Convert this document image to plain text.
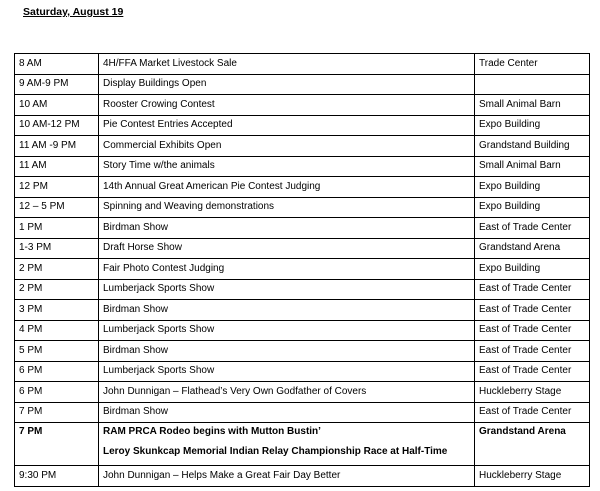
Saturday, August 19
8 AM	4H/FFA Market Livestock Sale	Trade Center
9 AM-9 PM	Display Buildings Open	
10 AM	Rooster Crowing Contest	Small Animal Barn
10 AM-12 PM	Pie Contest Entries Accepted	Expo Building
11 AM -9 PM	Commercial Exhibits Open	Grandstand Building
11 AM	Story Time w/the animals	Small Animal Barn
12 PM	14th Annual Great American Pie Contest Judging	Expo Building
12 – 5 PM	Spinning and Weaving demonstrations	Expo Building
1 PM	Birdman Show	East of Trade Center
1-3 PM	Draft Horse Show	Grandstand Arena
2 PM	Fair Photo Contest Judging	Expo Building
2 PM	Lumberjack Sports Show	East of Trade Center
3 PM	Birdman Show	East of Trade Center
4 PM	Lumberjack Sports Show	East of Trade Center
5 PM	Birdman Show	East of Trade Center
6 PM	Lumberjack Sports Show	East of Trade Center
6 PM	John Dunnigan – Flathead’s Very Own Godfather of Covers	Huckleberry Stage
7 PM	Birdman Show	East of Trade Center
7 PM	RAM PRCA Rodeo begins with Mutton Bustin’
Leroy Skunkcap Memorial Indian Relay Championship Race at Half-Time	Grandstand Arena
9:30 PM	John Dunnigan – Helps Make a Great Fair Day Better	Huckleberry Stage
